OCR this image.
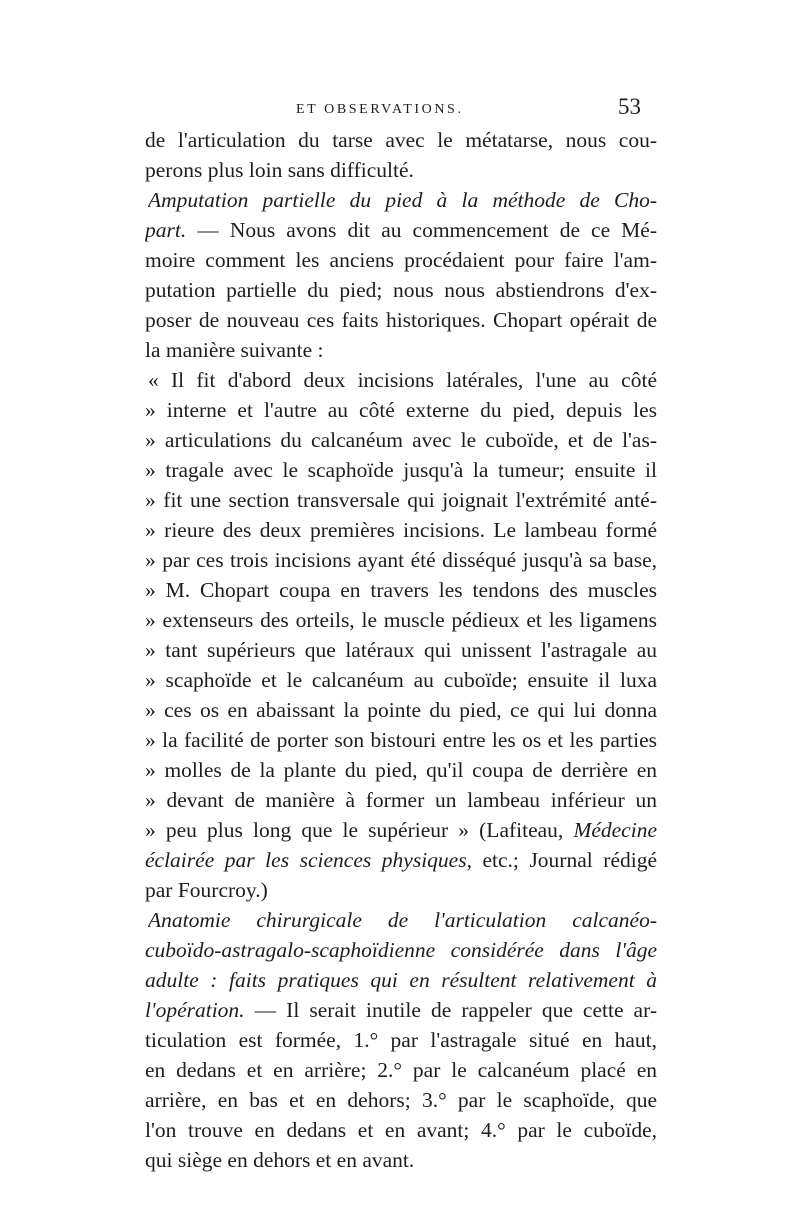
ET OBSERVATIONS.	53
de l'articulation du tarse avec le métatarse, nous cou-
perons plus loin sans difficulté.
Amputation partielle du pied à la méthode de Cho-
part. — Nous avons dit au commencement de ce Mé-
moire comment les anciens procédaient pour faire l'am-
putation partielle du pied; nous nous abstiendrons d'ex-
poser de nouveau ces faits historiques. Chopart opérait de
la manière suivante :
« Il fit d'abord deux incisions latérales, l'une au côté
» interne et l'autre au côté externe du pied, depuis les
» articulations du calcanéum avec le cuboïde, et de l'as-
» tragale avec le scaphoïde jusqu'à la tumeur; ensuite il
» fit une section transversale qui joignait l'extrémité anté-
» rieure des deux premières incisions. Le lambeau formé
» par ces trois incisions ayant été disséqué jusqu'à sa base,
» M. Chopart coupa en travers les tendons des muscles
» extenseurs des orteils, le muscle pédieux et les ligamens
» tant supérieurs que latéraux qui unissent l'astragale au
» scaphoïde et le calcanéum au cuboïde; ensuite il luxa
» ces os en abaissant la pointe du pied, ce qui lui donna
» la facilité de porter son bistouri entre les os et les parties
» molles de la plante du pied, qu'il coupa de derrière en
» devant de manière à former un lambeau inférieur un
» peu plus long que le supérieur » (Lafiteau, Médecine
éclairée par les sciences physiques, etc.; Journal rédigé
par Fourcroy.)
Anatomie chirurgicale de l'articulation calcanéo-
cuboïdo-astragalo-scaphoïdienne considérée dans l'âge
adulte : faits pratiques qui en résultent relativement à
l'opération. — Il serait inutile de rappeler que cette ar-
ticulation est formée, 1.° par l'astragale situé en haut,
en dedans et en arrière; 2.° par le calcanéum placé en
arrière, en bas et en dehors; 3.° par le scaphoïde, que
l'on trouve en dedans et en avant; 4.° par le cuboïde,
qui siège en dehors et en avant.
